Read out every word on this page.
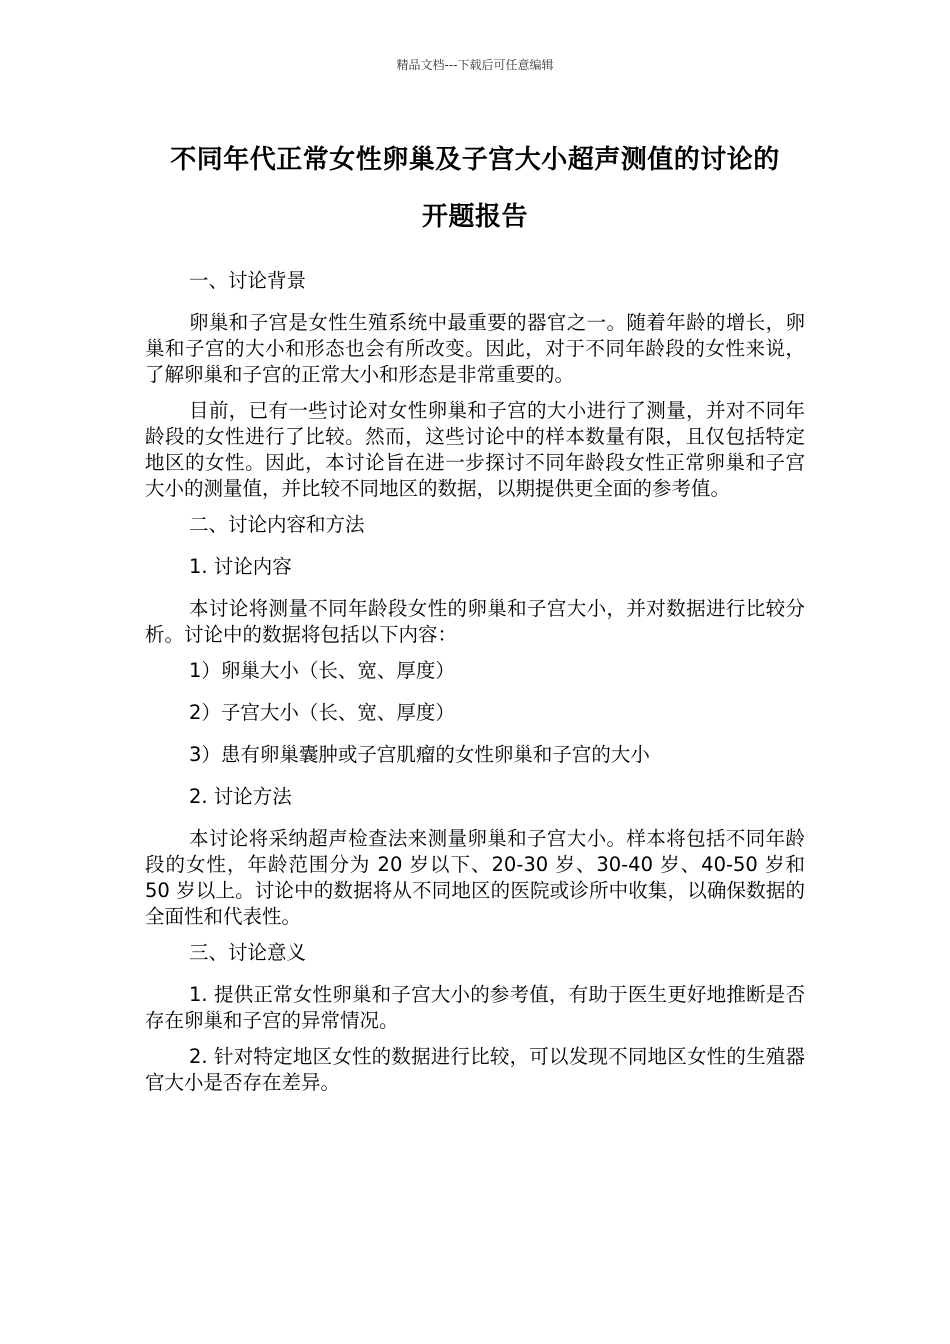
精品文档---下载后可任意编辑
不同年代正常女性卵巢及子宫大小超声测值的讨论的
开题报告

一、讨论背景

卵巢和子宫是女性生殖系统中最重要的器官之一。随着年龄的增长，卵巢和子宫的大小和形态也会有所改变。因此，对于不同年龄段的女性来说，了解卵巢和子宫的正常大小和形态是非常重要的。

目前，已有一些讨论对女性卵巢和子宫的大小进行了测量，并对不同年龄段的女性进行了比较。然而，这些讨论中的样本数量有限，且仅包括特定地区的女性。因此，本讨论旨在进一步探讨不同年龄段女性正常卵巢和子宫大小的测量值，并比较不同地区的数据，以期提供更全面的参考值。

二、讨论内容和方法

1. 讨论内容

本讨论将测量不同年龄段女性的卵巢和子宫大小，并对数据进行比较分析。讨论中的数据将包括以下内容：

1）卵巢大小（长、宽、厚度）

2）子宫大小（长、宽、厚度）

3）患有卵巢囊肿或子宫肌瘤的女性卵巢和子宫的大小

2. 讨论方法

本讨论将采纳超声检查法来测量卵巢和子宫大小。样本将包括不同年龄段的女性，年龄范围分为 20 岁以下、20-30 岁、30-40 岁、40-50 岁和 50 岁以上。讨论中的数据将从不同地区的医院或诊所中收集，以确保数据的全面性和代表性。

三、讨论意义

1. 提供正常女性卵巢和子宫大小的参考值，有助于医生更好地推断是否存在卵巢和子宫的异常情况。

2. 针对特定地区女性的数据进行比较，可以发现不同地区女性的生殖器官大小是否存在差异。
